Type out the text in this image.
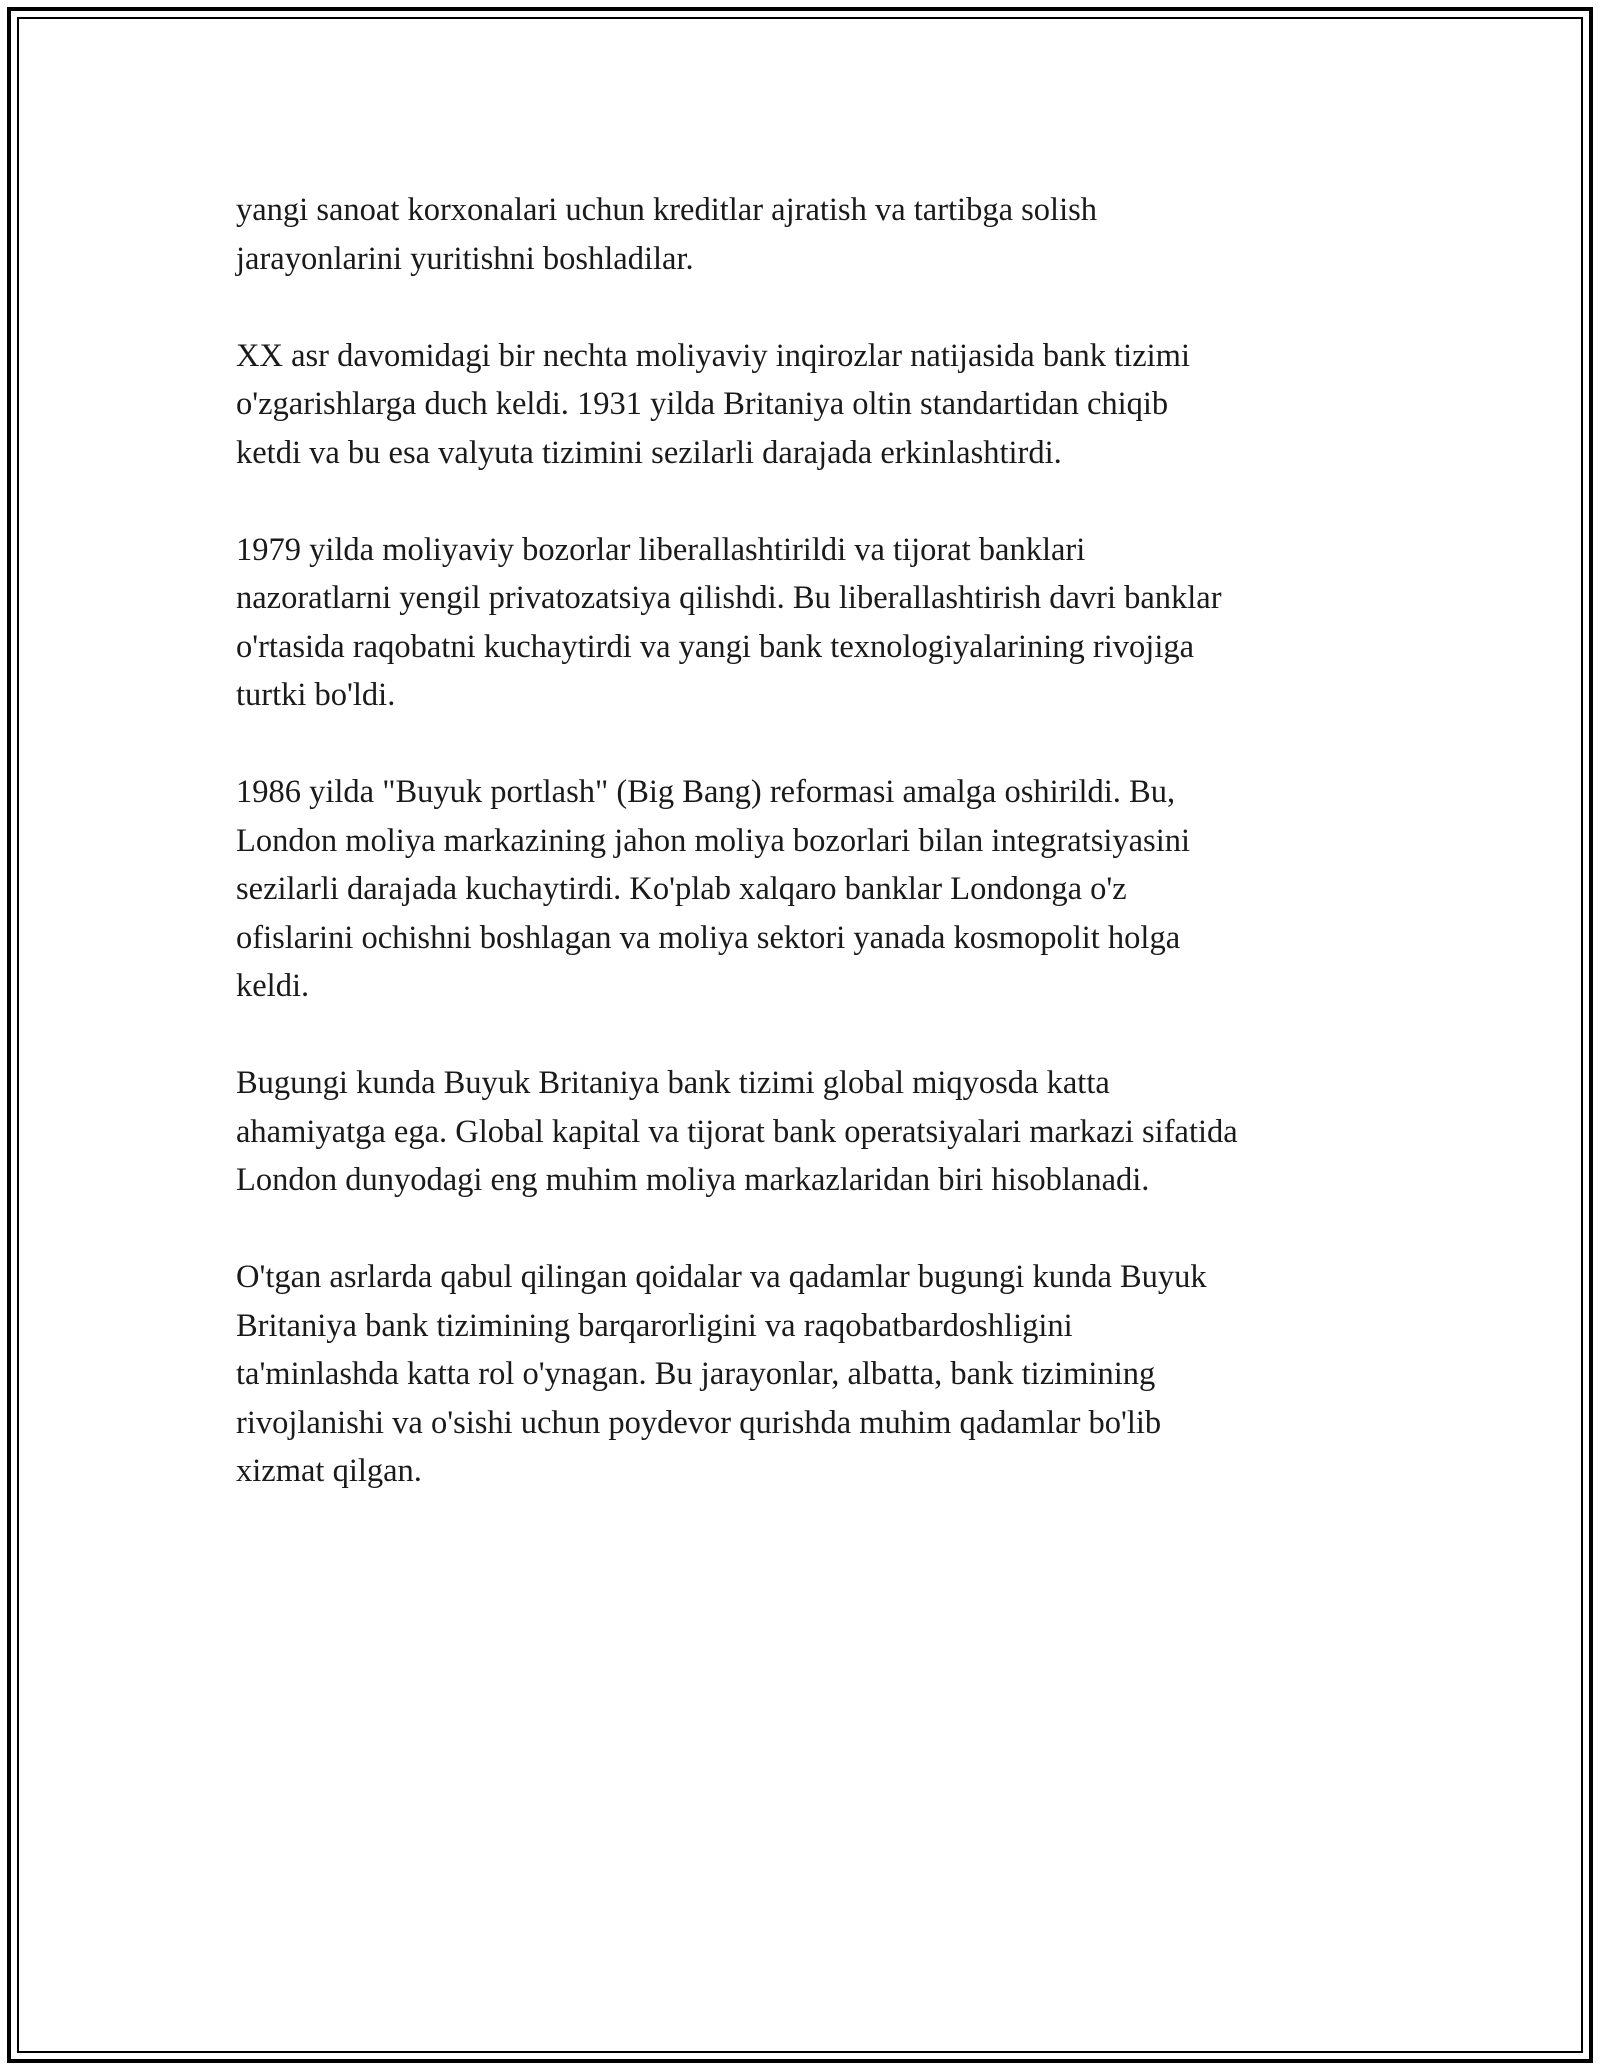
yangi sanoat korxonalari uchun kreditlar ajratish va tartibga solish
jarayonlarini yuritishni boshladilar.

XX asr davomidagi bir nechta moliyaviy inqirozlar natijasida bank tizimi
o'zgarishlarga duch keldi. 1931 yilda Britaniya oltin standartidan chiqib
ketdi va bu esa valyuta tizimini sezilarli darajada erkinlashtirdi.

1979 yilda moliyaviy bozorlar liberallashtirildi va tijorat banklari
nazoratlarni yengil privatozatsiya qilishdi. Bu liberallashtirish davri banklar
o'rtasida raqobatni kuchaytirdi va yangi bank texnologiyalarining rivojiga
turtki bo'ldi.

1986 yilda "Buyuk portlash" (Big Bang) reformasi amalga oshirildi. Bu,
London moliya markazining jahon moliya bozorlari bilan integratsiyasini
sezilarli darajada kuchaytirdi. Ko'plab xalqaro banklar Londonga o'z
ofislarini ochishni boshlagan va moliya sektori yanada kosmopolit holga
keldi.

Bugungi kunda Buyuk Britaniya bank tizimi global miqyosda katta
ahamiyatga ega. Global kapital va tijorat bank operatsiyalari markazi sifatida
London dunyodagi eng muhim moliya markazlaridan biri hisoblanadi.

O'tgan asrlarda qabul qilingan qoidalar va qadamlar bugungi kunda Buyuk
Britaniya bank tizimining barqarorligini va raqobatbardoshligini
ta'minlashda katta rol o'ynagan. Bu jarayonlar, albatta, bank tizimining
rivojlanishi va o'sishi uchun poydevor qurishda muhim qadamlar bo'lib
xizmat qilgan.
